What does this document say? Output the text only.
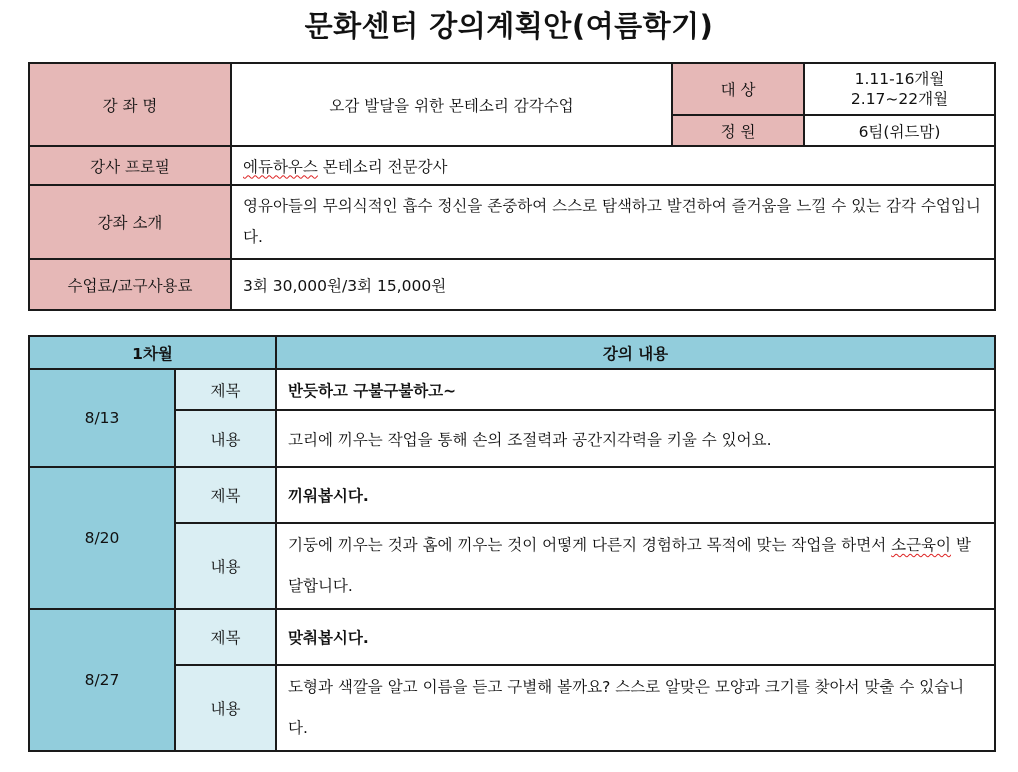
문화센터 강의계획안(여름학기)
강 좌 명	오감 발달을 위한 몬테소리 감각수업	대 상	1.11-16개월
2.17~22개월

		정 원	6팀(위드맘)
강사 프로필	에듀하우스 몬테소리 전문강사		
강좌 소개	영유아들의 무의식적인 흡수 정신을 존중하여 스스로 탐색하고 발견하여 즐거움을 느낄 수 있는 감각 수업입니다.		
수업료/교구사용료	3회 30,000원/3회 15,000원		
1차월		강의 내용
8/13	제목	반듯하고 구불구불하고~
	내용	고리에 끼우는 작업을 통해 손의 조절력과 공간지각력을 키울 수 있어요.
8/20	제목	끼워봅시다.
	내용	기둥에 끼우는 것과 홈에 끼우는 것이 어떻게 다른지 경험하고 목적에 맞는 작업을 하면서 소근육이 발달합니다.
8/27	제목	맞춰봅시다.
	내용	도형과 색깔을 알고 이름을 듣고 구별해 볼까요? 스스로 알맞은 모양과 크기를 찾아서 맞출 수 있습니다.
